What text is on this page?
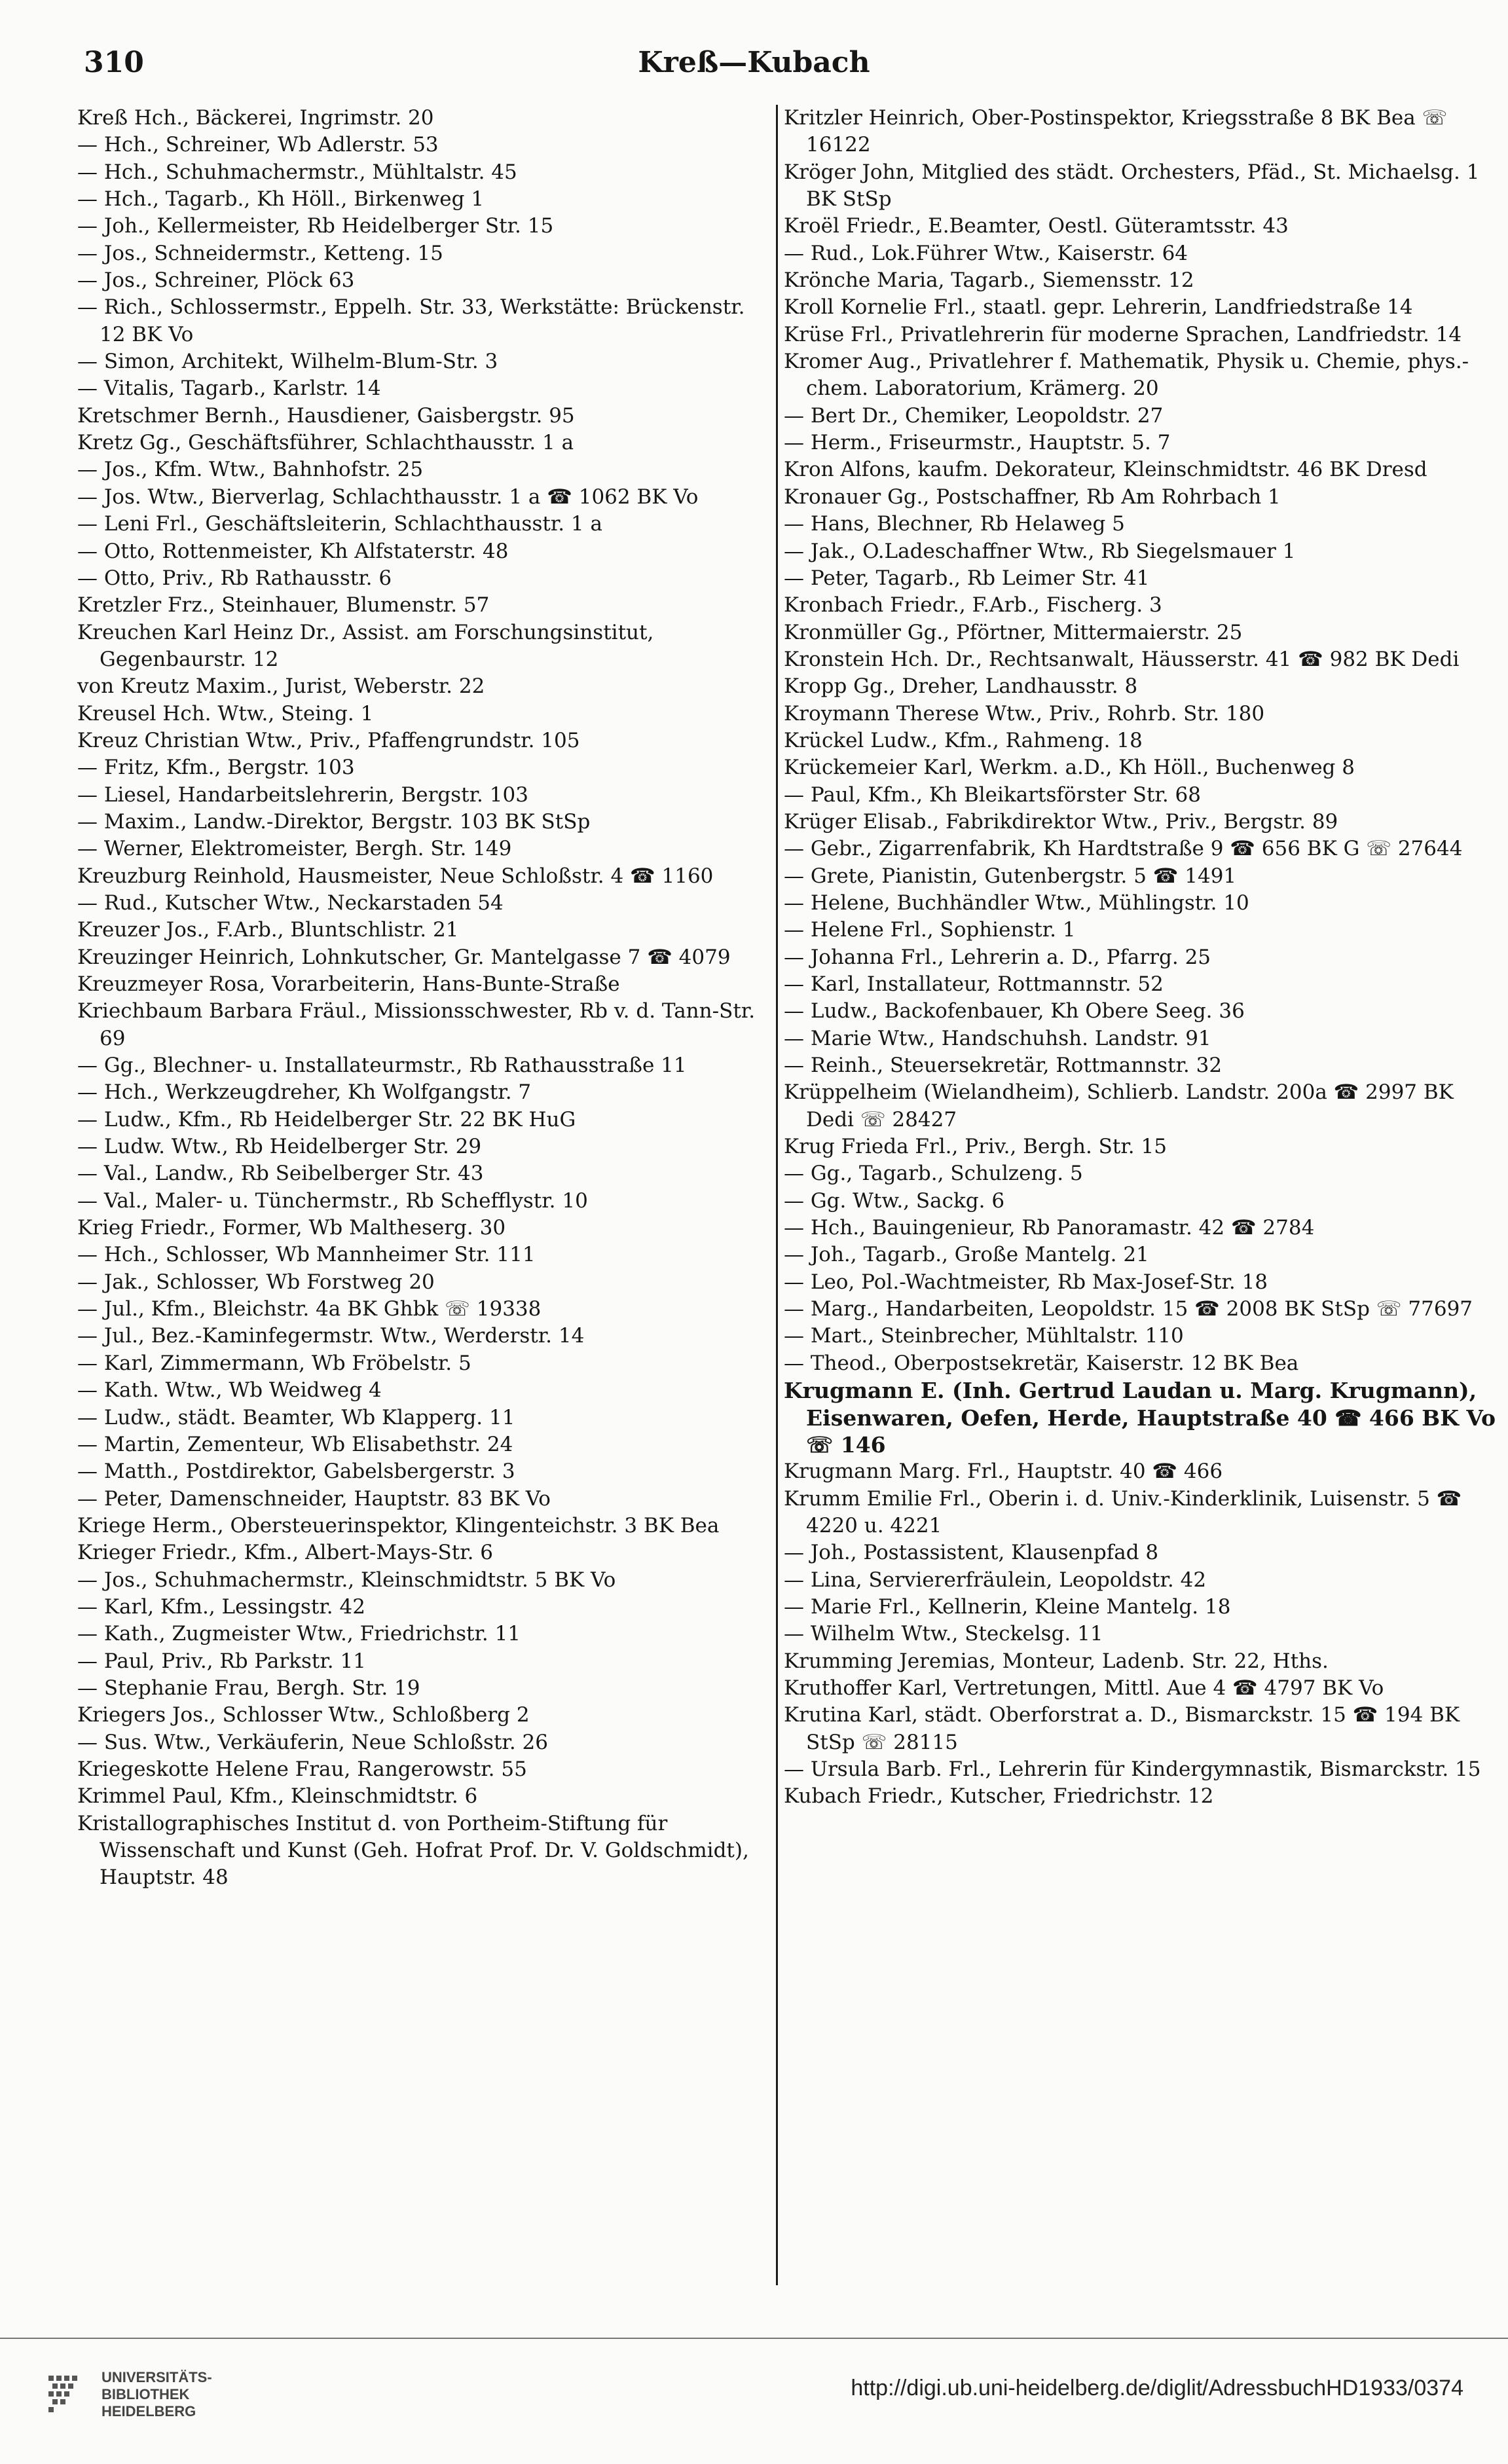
310	Kreß—Kubach

Kreß Hch., Bäckerei, Ingrimstr. 20

— Hch., Schreiner, Wb Adlerstr. 53

— Hch., Schuhmachermstr., Mühltalstr. 45

— Hch., Tagarb., Kh Höll., Birkenweg 1

— Joh., Kellermeister, Rb Heidelberger Str. 15

— Jos., Schneidermstr., Ketteng. 15

— Jos., Schreiner, Plöck 63

— Rich., Schlossermstr., Eppelh. Str. 33, Werkstätte: Brückenstr. 12 BK Vo

— Simon, Architekt, Wilhelm-Blum-Str. 3

— Vitalis, Tagarb., Karlstr. 14

Kretschmer Bernh., Hausdiener, Gaisbergstr. 95

Kretz Gg., Geschäftsführer, Schlachthausstr. 1 a

— Jos., Kfm. Wtw., Bahnhofstr. 25

— Jos. Wtw., Bierverlag, Schlachthausstr. 1 a ☎ 1062 BK Vo

— Leni Frl., Geschäftsleiterin, Schlachthausstr. 1 a

— Otto, Rottenmeister, Kh Alfstaterstr. 48

— Otto, Priv., Rb Rathausstr. 6

Kretzler Frz., Steinhauer, Blumenstr. 57

Kreuchen Karl Heinz Dr., Assist. am Forschungsinstitut, Gegenbaurstr. 12

von Kreutz Maxim., Jurist, Weberstr. 22

Kreusel Hch. Wtw., Steing. 1

Kreuz Christian Wtw., Priv., Pfaffengrundstr. 105

— Fritz, Kfm., Bergstr. 103

— Liesel, Handarbeitslehrerin, Bergstr. 103

— Maxim., Landw.-Direktor, Bergstr. 103 BK StSp

— Werner, Elektromeister, Bergh. Str. 149

Kreuzburg Reinhold, Hausmeister, Neue Schloßstr. 4 ☎ 1160

— Rud., Kutscher Wtw., Neckarstaden 54

Kreuzer Jos., F.Arb., Bluntschlistr. 21

Kreuzinger Heinrich, Lohnkutscher, Gr. Mantelgasse 7 ☎ 4079

Kreuzmeyer Rosa, Vorarbeiterin, Hans-Bunte-Straße

Kriechbaum Barbara Fräul., Missionsschwester, Rb v. d. Tann-Str. 69

— Gg., Blechner- u. Installateurmstr., Rb Rathausstraße 11

— Hch., Werkzeugdreher, Kh Wolfgangstr. 7

— Ludw., Kfm., Rb Heidelberger Str. 22 BK HuG

— Ludw. Wtw., Rb Heidelberger Str. 29

— Val., Landw., Rb Seibelberger Str. 43

— Val., Maler- u. Tünchermstr., Rb Schefflystr. 10

Krieg Friedr., Former, Wb Maltheserg. 30

— Hch., Schlosser, Wb Mannheimer Str. 111

— Jak., Schlosser, Wb Forstweg 20

— Jul., Kfm., Bleichstr. 4a BK Ghbk ☏ 19338

— Jul., Bez.-Kaminfegermstr. Wtw., Werderstr. 14

— Karl, Zimmermann, Wb Fröbelstr. 5

— Kath. Wtw., Wb Weidweg 4

— Ludw., städt. Beamter, Wb Klapperg. 11

— Martin, Zementeur, Wb Elisabethstr. 24

— Matth., Postdirektor, Gabelsbergerstr. 3

— Peter, Damenschneider, Hauptstr. 83 BK Vo

Kriege Herm., Obersteuerinspektor, Klingenteichstr. 3 BK Bea

Krieger Friedr., Kfm., Albert-Mays-Str. 6

— Jos., Schuhmachermstr., Kleinschmidtstr. 5 BK Vo

— Karl, Kfm., Lessingstr. 42

— Kath., Zugmeister Wtw., Friedrichstr. 11

— Paul, Priv., Rb Parkstr. 11

— Stephanie Frau, Bergh. Str. 19

Kriegers Jos., Schlosser Wtw., Schloßberg 2

— Sus. Wtw., Verkäuferin, Neue Schloßstr. 26

Kriegeskotte Helene Frau, Rangerowstr. 55

Krimmel Paul, Kfm., Kleinschmidtstr. 6

Kristallographisches Institut d. von Portheim-Stiftung für Wissenschaft und Kunst (Geh. Hofrat Prof. Dr. V. Goldschmidt), Hauptstr. 48

Kritzler Heinrich, Ober-Postinspektor, Kriegsstraße 8 BK Bea ☏ 16122

Kröger John, Mitglied des städt. Orchesters, Pfäd., St. Michaelsg. 1 BK StSp

Kroël Friedr., E.Beamter, Oestl. Güteramtsstr. 43

— Rud., Lok.Führer Wtw., Kaiserstr. 64

Krönche Maria, Tagarb., Siemensstr. 12

Kroll Kornelie Frl., staatl. gepr. Lehrerin, Landfriedstraße 14

Krüse Frl., Privatlehrerin für moderne Sprachen, Landfriedstr. 14

Kromer Aug., Privatlehrer f. Mathematik, Physik u. Chemie, phys.-chem. Laboratorium, Krämerg. 20

— Bert Dr., Chemiker, Leopoldstr. 27

— Herm., Friseurmstr., Hauptstr. 5. 7

Kron Alfons, kaufm. Dekorateur, Kleinschmidtstr. 46 BK Dresd

Kronauer Gg., Postschaffner, Rb Am Rohrbach 1

— Hans, Blechner, Rb Helaweg 5

— Jak., O.Ladeschaffner Wtw., Rb Siegelsmauer 1

— Peter, Tagarb., Rb Leimer Str. 41

Kronbach Friedr., F.Arb., Fischerg. 3

Kronmüller Gg., Pförtner, Mittermaierstr. 25

Kronstein Hch. Dr., Rechtsanwalt, Häusserstr. 41 ☎ 982 BK Dedi

Kropp Gg., Dreher, Landhausstr. 8

Kroymann Therese Wtw., Priv., Rohrb. Str. 180

Krückel Ludw., Kfm., Rahmeng. 18

Krückemeier Karl, Werkm. a.D., Kh Höll., Buchenweg 8

— Paul, Kfm., Kh Bleikartsförster Str. 68

Krüger Elisab., Fabrikdirektor Wtw., Priv., Bergstr. 89

— Gebr., Zigarrenfabrik, Kh Hardtstraße 9 ☎ 656 BK G ☏ 27644

— Grete, Pianistin, Gutenbergstr. 5 ☎ 1491

— Helene, Buchhändler Wtw., Mühlingstr. 10

— Helene Frl., Sophienstr. 1

— Johanna Frl., Lehrerin a. D., Pfarrg. 25

— Karl, Installateur, Rottmannstr. 52

— Ludw., Backofenbauer, Kh Obere Seeg. 36

— Marie Wtw., Handschuhsh. Landstr. 91

— Reinh., Steuersekretär, Rottmannstr. 32

Krüppelheim (Wielandheim), Schlierb. Landstr. 200a ☎ 2997 BK Dedi ☏ 28427

Krug Frieda Frl., Priv., Bergh. Str. 15

— Gg., Tagarb., Schulzeng. 5

— Gg. Wtw., Sackg. 6

— Hch., Bauingenieur, Rb Panoramastr. 42 ☎ 2784

— Joh., Tagarb., Große Mantelg. 21

— Leo, Pol.-Wachtmeister, Rb Max-Josef-Str. 18

— Marg., Handarbeiten, Leopoldstr. 15 ☎ 2008 BK StSp ☏ 77697

— Mart., Steinbrecher, Mühltalstr. 110

— Theod., Oberpostsekretär, Kaiserstr. 12 BK Bea

Krugmann E. (Inh. Gertrud Laudan u. Marg. Krugmann), Eisenwaren, Oefen, Herde, Hauptstraße 40 ☎ 466 BK Vo ☏ 146

Krugmann Marg. Frl., Hauptstr. 40 ☎ 466

Krumm Emilie Frl., Oberin i. d. Univ.-Kinderklinik, Luisenstr. 5 ☎ 4220 u. 4221

— Joh., Postassistent, Klausenpfad 8

— Lina, Serviererfräulein, Leopoldstr. 42

— Marie Frl., Kellnerin, Kleine Mantelg. 18

— Wilhelm Wtw., Steckelsg. 11

Krumming Jeremias, Monteur, Ladenb. Str. 22, Hths.

Kruthoffer Karl, Vertretungen, Mittl. Aue 4 ☎ 4797 BK Vo

Krutina Karl, städt. Oberforstrat a. D., Bismarckstr. 15 ☎ 194 BK StSp ☏ 28115

— Ursula Barb. Frl., Lehrerin für Kindergymnastik, Bismarckstr. 15

Kubach Friedr., Kutscher, Friedrichstr. 12

UNIVERSITÄTS-
BIBLIOTHEK
HEIDELBERG
http://digi.ub.uni-heidelberg.de/diglit/AdressbuchHD1933/0374
